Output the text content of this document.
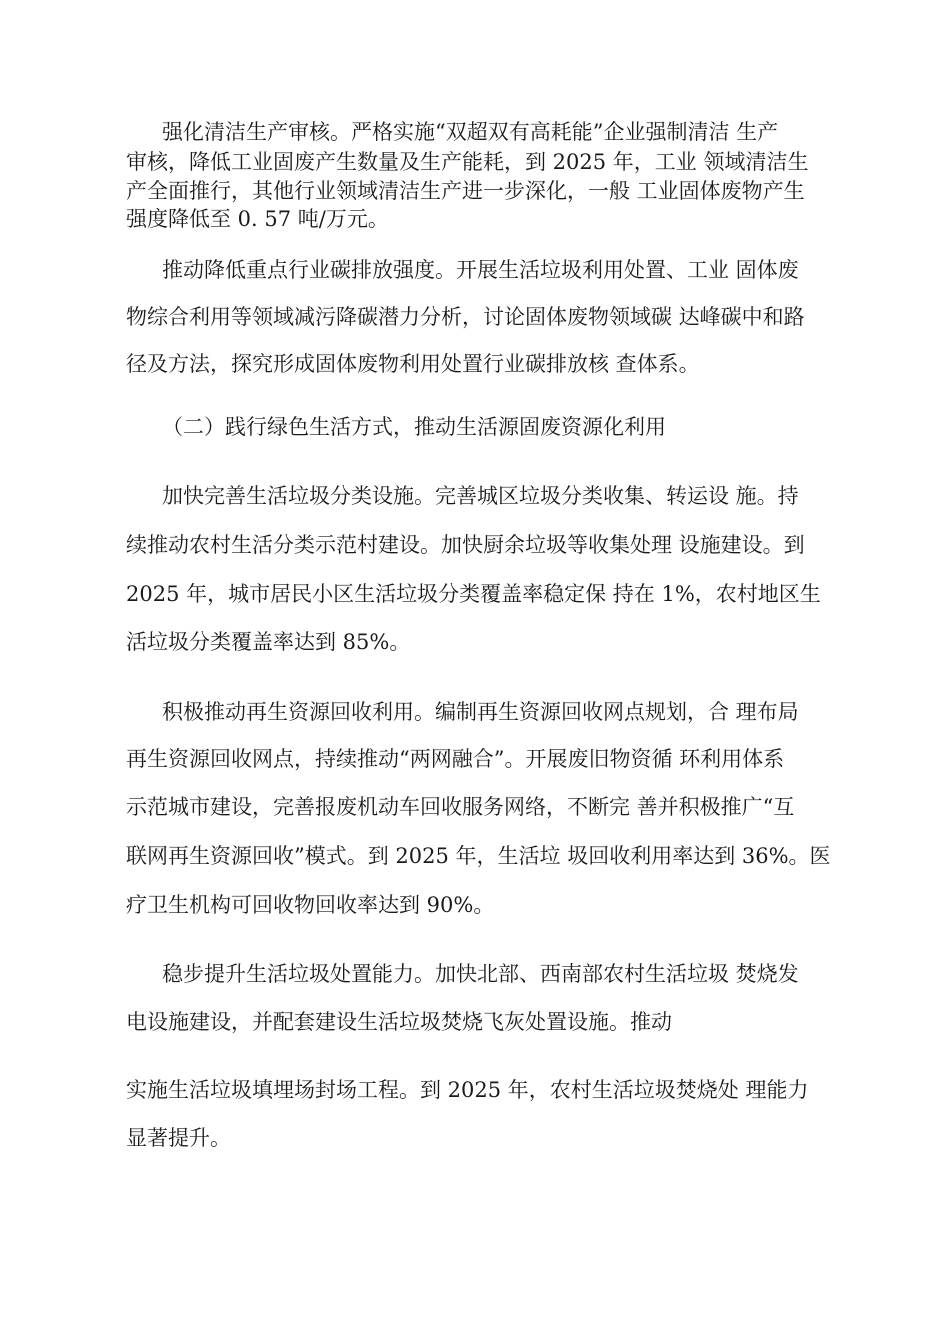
强化清洁生产审核。严格实施“双超双有高耗能”企业强制清洁 生产
审核，降低工业固废产生数量及生产能耗，到 2025 年，工业 领域清洁生
产全面推行，其他行业领域清洁生产进一步深化，一般 工业固体废物产生
强度降低至 0. 57 吨/万元。
推动降低重点行业碳排放强度。开展生活垃圾利用处置、工业 固体废
物综合利用等领域减污降碳潜力分析，讨论固体废物领域碳 达峰碳中和路
径及方法，探究形成固体废物利用处置行业碳排放核 查体系。
（二）践行绿色生活方式，推动生活源固废资源化利用
加快完善生活垃圾分类设施。完善城区垃圾分类收集、转运设 施。持
续推动农村生活分类示范村建设。加快厨余垃圾等收集处理 设施建设。到
2025 年，城市居民小区生活垃圾分类覆盖率稳定保 持在 1%，农村地区生
活垃圾分类覆盖率达到 85%。
积极推动再生资源回收利用。编制再生资源回收网点规划，合 理布局
再生资源回收网点，持续推动“两网融合”。开展废旧物资循 环利用体系
示范城市建设，完善报废机动车回收服务网络，不断完 善并积极推广“互
联网再生资源回收”模式。到 2025 年，生活垃 圾回收利用率达到 36%。医
疗卫生机构可回收物回收率达到 90%。
稳步提升生活垃圾处置能力。加快北部、西南部农村生活垃圾 焚烧发
电设施建设，并配套建设生活垃圾焚烧飞灰处置设施。推动
实施生活垃圾填埋场封场工程。到 2025 年，农村生活垃圾焚烧处 理能力
显著提升。
